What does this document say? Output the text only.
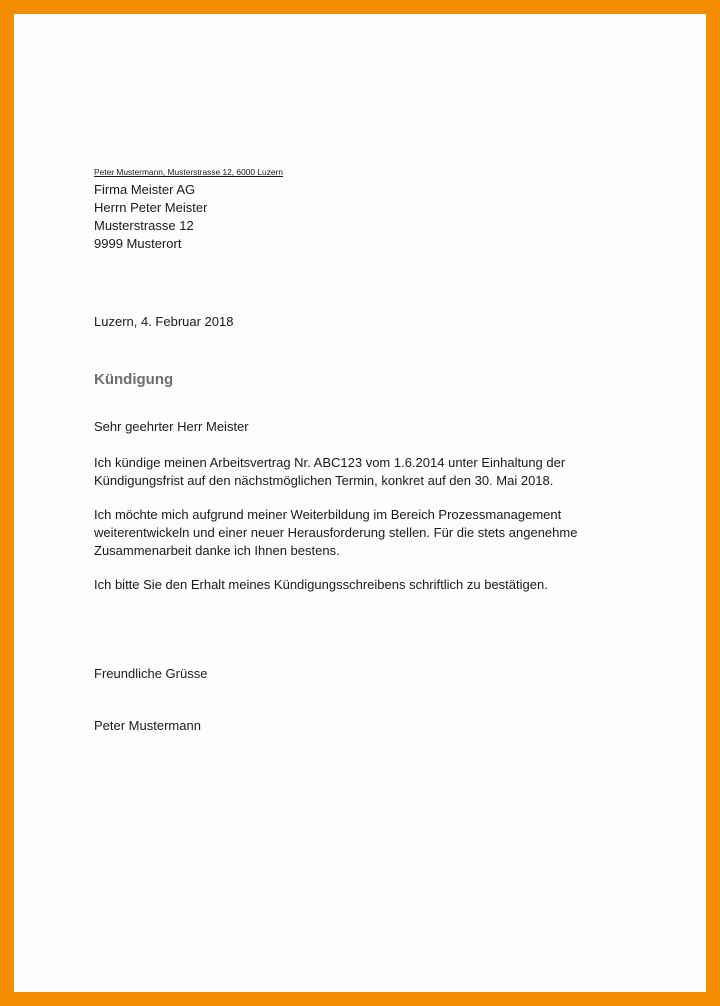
Peter Mustermann, Musterstrasse 12, 6000 Luzern
Firma Meister AG
Herrn Peter Meister
Musterstrasse 12
9999 Musterort
Luzern, 4. Februar 2018
Kündigung
Sehr geehrter Herr Meister
Ich kündige meinen Arbeitsvertrag Nr. ABC123 vom 1.6.2014 unter Einhaltung der
Kündigungsfrist auf den nächstmöglichen Termin, konkret auf den 30. Mai 2018.
Ich möchte mich aufgrund meiner Weiterbildung im Bereich Prozessmanagement
weiterentwickeln und einer neuer Herausforderung stellen. Für die stets angenehme
Zusammenarbeit danke ich Ihnen bestens.
Ich bitte Sie den Erhalt meines Kündigungsschreibens schriftlich zu bestätigen.
Freundliche Grüsse
Peter Mustermann
